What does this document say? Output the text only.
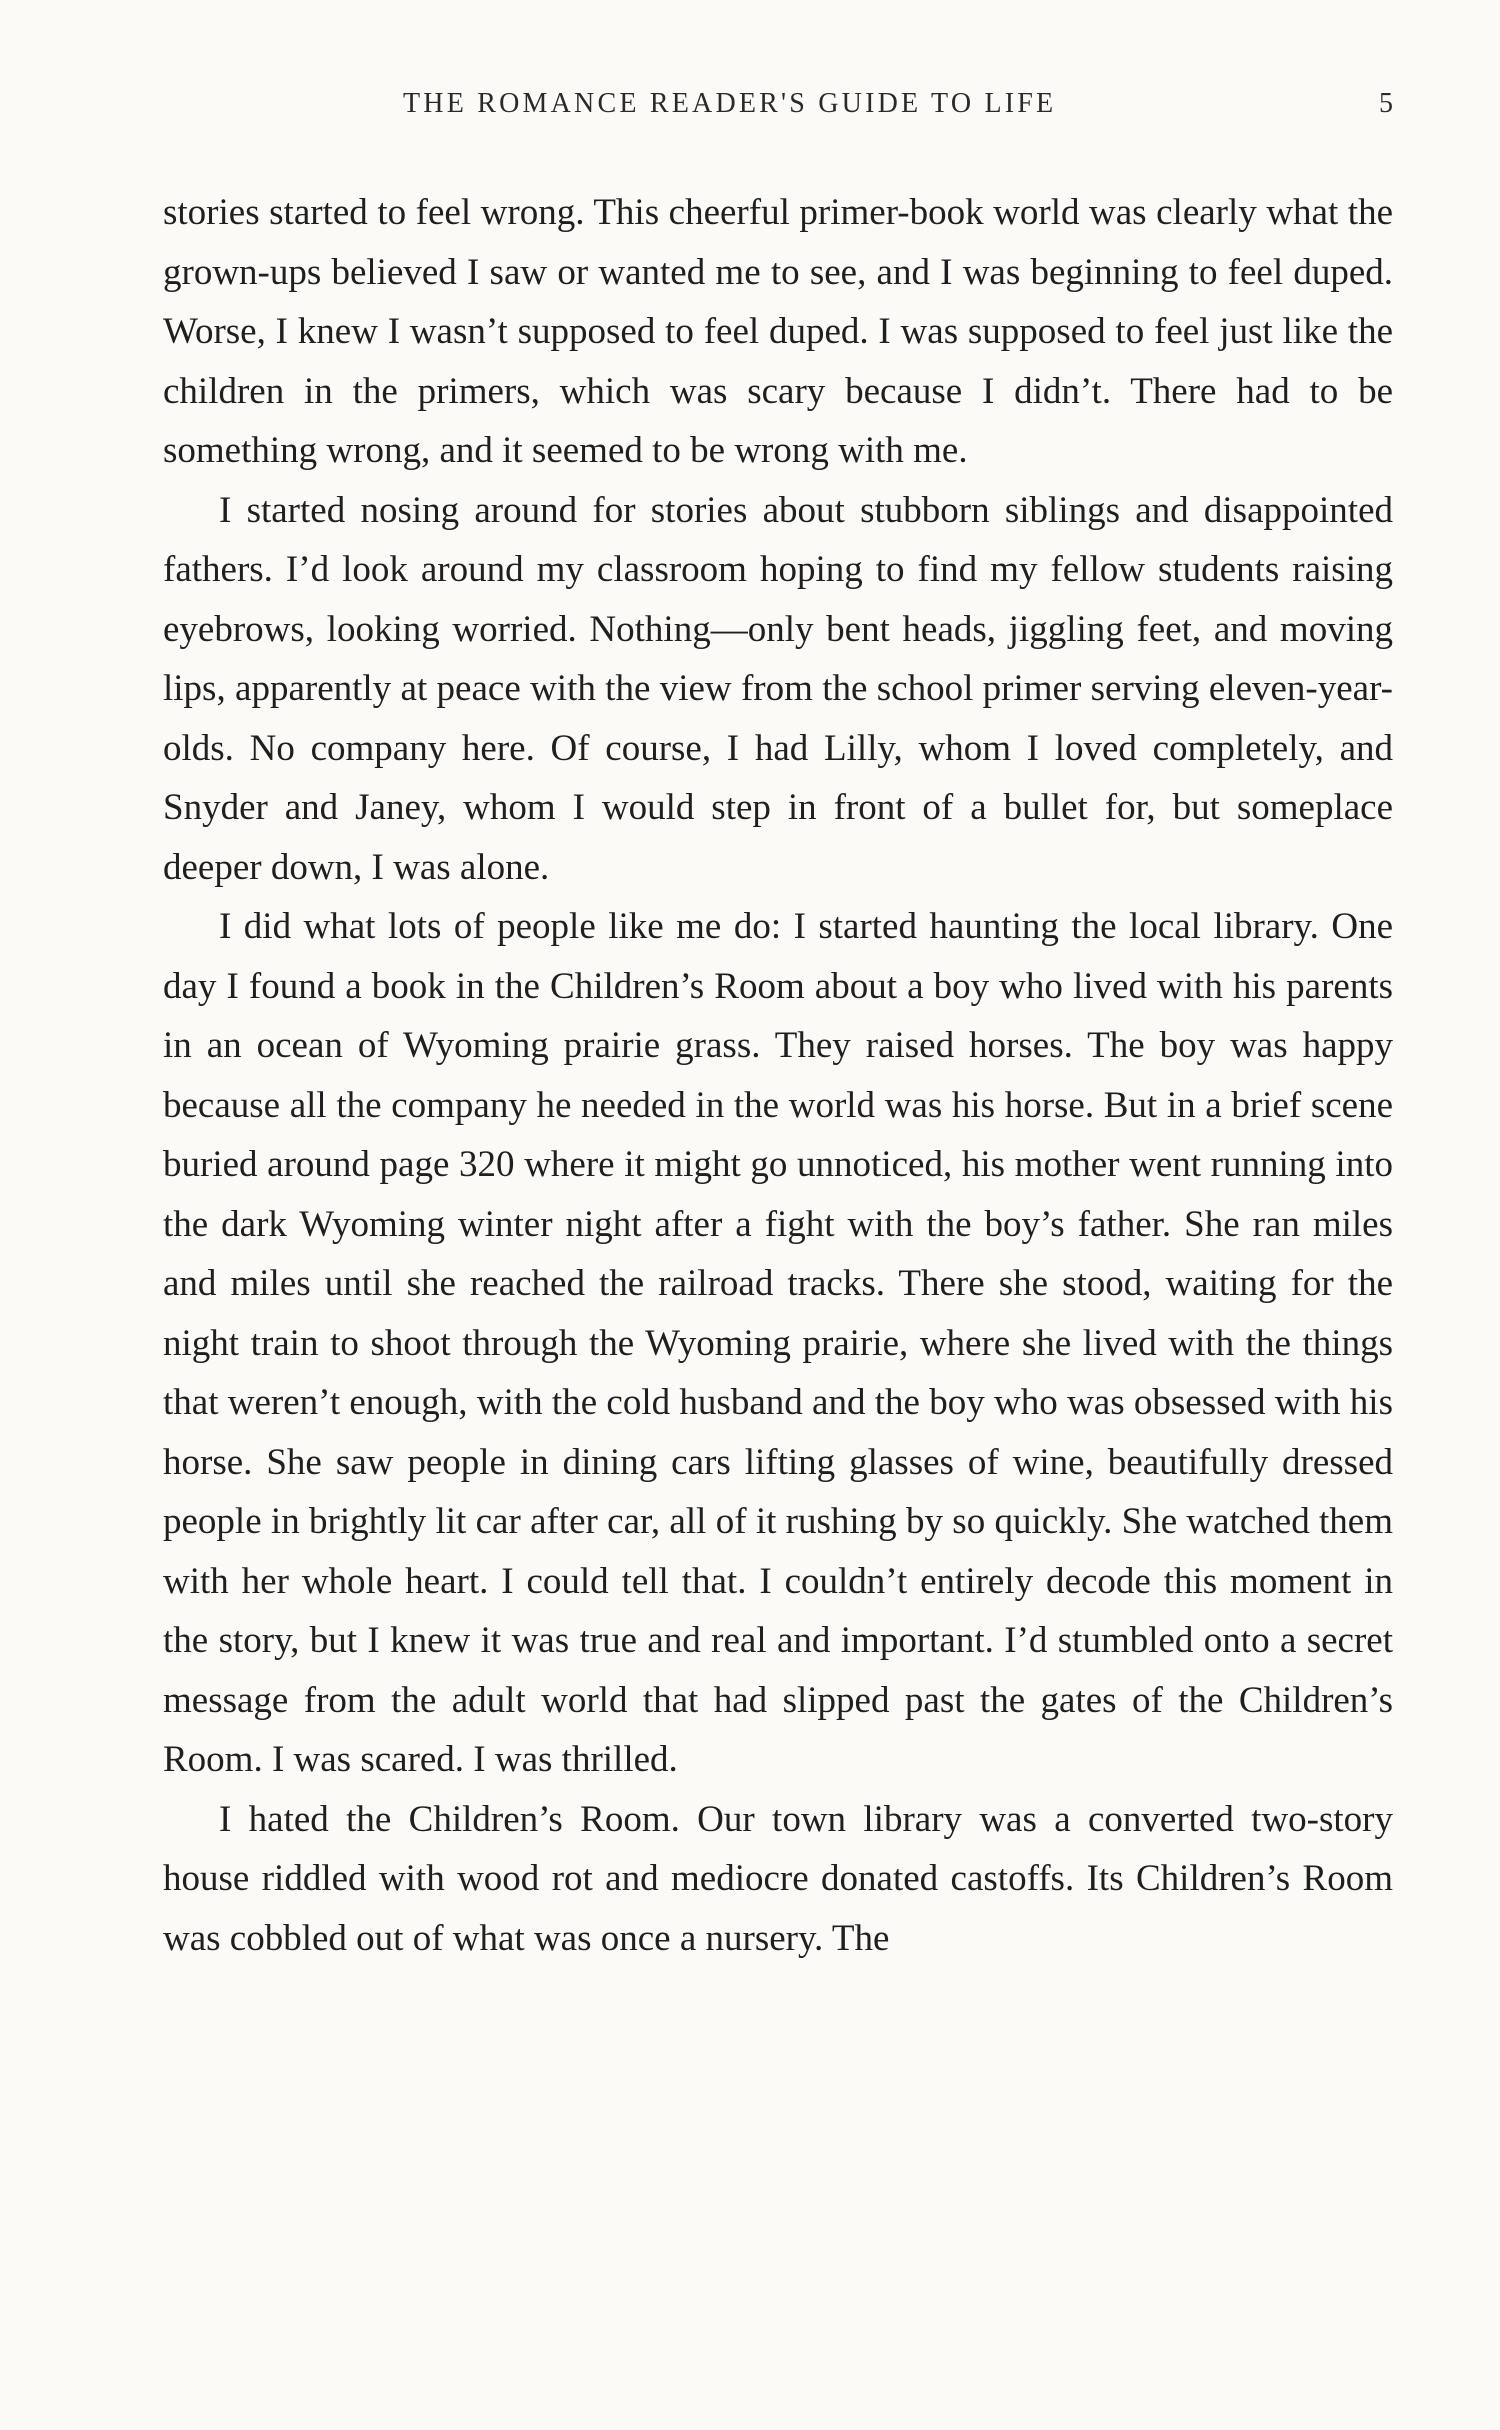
THE ROMANCE READER'S GUIDE TO LIFE	5

stories started to feel wrong. This cheerful primer-book world was clearly what the grown-ups believed I saw or wanted me to see, and I was beginning to feel duped. Worse, I knew I wasn’t supposed to feel duped. I was supposed to feel just like the children in the primers, which was scary because I didn’t. There had to be something wrong, and it seemed to be wrong with me.

I started nosing around for stories about stubborn siblings and disappointed fathers. I’d look around my classroom hoping to find my fellow students raising eyebrows, looking worried. Nothing—only bent heads, jiggling feet, and moving lips, apparently at peace with the view from the school primer serving eleven-year-olds. No company here. Of course, I had Lilly, whom I loved completely, and Snyder and Janey, whom I would step in front of a bullet for, but someplace deeper down, I was alone.

I did what lots of people like me do: I started haunting the local library. One day I found a book in the Children’s Room about a boy who lived with his parents in an ocean of Wyoming prairie grass. They raised horses. The boy was happy because all the company he needed in the world was his horse. But in a brief scene buried around page 320 where it might go unnoticed, his mother went running into the dark Wyoming winter night after a fight with the boy’s father. She ran miles and miles until she reached the railroad tracks. There she stood, waiting for the night train to shoot through the Wyoming prairie, where she lived with the things that weren’t enough, with the cold husband and the boy who was obsessed with his horse. She saw people in dining cars lifting glasses of wine, beautifully dressed people in brightly lit car after car, all of it rushing by so quickly. She watched them with her whole heart. I could tell that. I couldn’t entirely decode this moment in the story, but I knew it was true and real and important. I’d stumbled onto a secret message from the adult world that had slipped past the gates of the Children’s Room. I was scared. I was thrilled.

I hated the Children’s Room. Our town library was a converted two-story house riddled with wood rot and mediocre donated castoffs. Its Children’s Room was cobbled out of what was once a nursery. The
